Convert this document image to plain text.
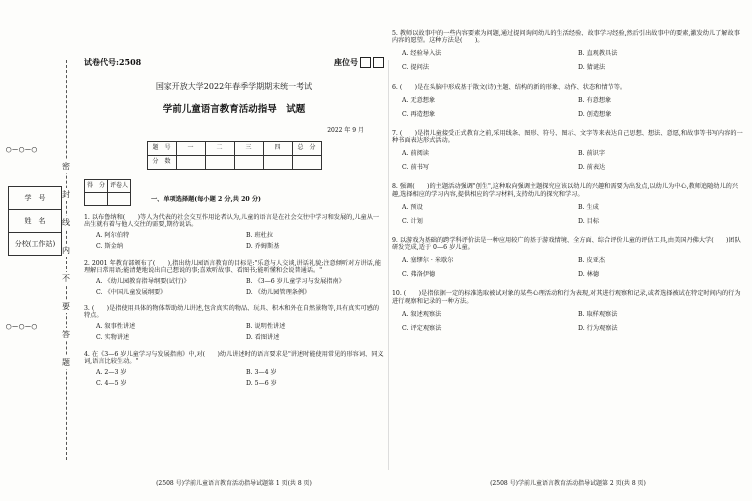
○—○—○
学　号
姓　名
分校(工作站)
○—○—○
密
封
线
内
不
要
答
题
试卷代号:2508	座位号
国家开放大学2022年春季学期期末统一考试
学前儿童语言教育活动指导　试题
2022 年 9 月
题　号	一	二	三	四	总　分
分　数					
得　分	评卷人

一、单项选择题(每小题 2 分,共 20 分)
1. 以布鲁纳和(　　)等人为代表的社会交互作用论者认为,儿童的语言是在社会交往中学习和发展的,儿童从一出生就有着与他人交往的需要,期待说话。
A. 阿尔伯特	B. 班杜拉
C. 斯金纳	D. 乔姆斯基
2. 2001 年教育部颁布了(　　),指出幼儿园语言教育的目标是:"乐意与人交谈,讲话礼貌;注意倾听对方讲话,能理解日常用语;能清楚地说出自己想说的事;喜欢听故事、看图书;能听懂和会说普通话。"
A. 《幼儿园教育指导纲要(试行)》	B. 《3—6 岁儿童学习与发展指南》
C. 《中国儿童发展纲要》	D. 《幼儿园管理条例》
3. (　　)是指使用具体的物体帮助幼儿讲述,包含真实的物品、玩具、积木和外在自然景物等,具有真实可感的特点。
A. 叙事性讲述	B. 说明性讲述
C. 实物讲述	D. 看图讲述
4. 在《3—6 岁儿童学习与发展指南》中,对(　　)幼儿讲述时的语言要求是"讲述时能使用常见的形容词、同义词,语言比较生动。"
A. 2—3 岁	B. 3—4 岁
C. 4—5 岁	D. 5—6 岁
(2508 号)学前儿童语言教育活动指导试题第 1 页(共 8 页)
5. 教师以故事中的一些内容要素为问题,通过提问询问幼儿的生活经验、故事学习经验,然后引出故事中的要素,激发幼儿了解故事内容的愿望。这种方法是(　　)。
A. 经验导入法	B. 直观教具法
C. 提问法	D. 猜谜法
6. (　　)是在头脑中形成基于散文(诗)主题、结构的新的形象、动作、状态和情节等。
A. 无意想象	B. 有意想象
C. 再造想象	D. 创造想象
7. (　　)是指儿童接受正式教育之前,采用线条、图形、符号、图示、文字等来表达自己思想、想法、意愿,和故事等书写内容的一种书面表达形式活动。
A. 前阅读	B. 前识字
C. 前书写	D. 前表达
8. 强调(　　)的主题活动强调"创生",这种取向强调主题探究应该以幼儿的兴趣和需要为出发点,以幼儿为中心,教师追随幼儿的兴趣,选择相应的学习内容,提供相应的学习材料,支持幼儿的探究和学习。
A. 预设	B. 生成
C. 计划	D. 目标
9. 以游戏为基础的跨学科评价法是一种应用较广的基于游戏情境、全方面、综合评价儿童的评估工具,由美国丹佛大学(　　)团队研发完成,适于 0—6 岁儿童。
A. 塞缪尔 · 米歇尔	B. 皮亚杰
C. 弗洛伊德	D. 林德
10. (　　)是指依据一定的标准选取被试对象的某些心理活动和行为表现,对其进行观察和记录,或者选择被试在特定时间内的行为进行观察和记录的一种方法。
A. 叙述观察法	B. 取样观察法
C. 评定观察法	D. 行为观察法
(2508 号)学前儿童语言教育活动指导试题第 2 页(共 8 页)
